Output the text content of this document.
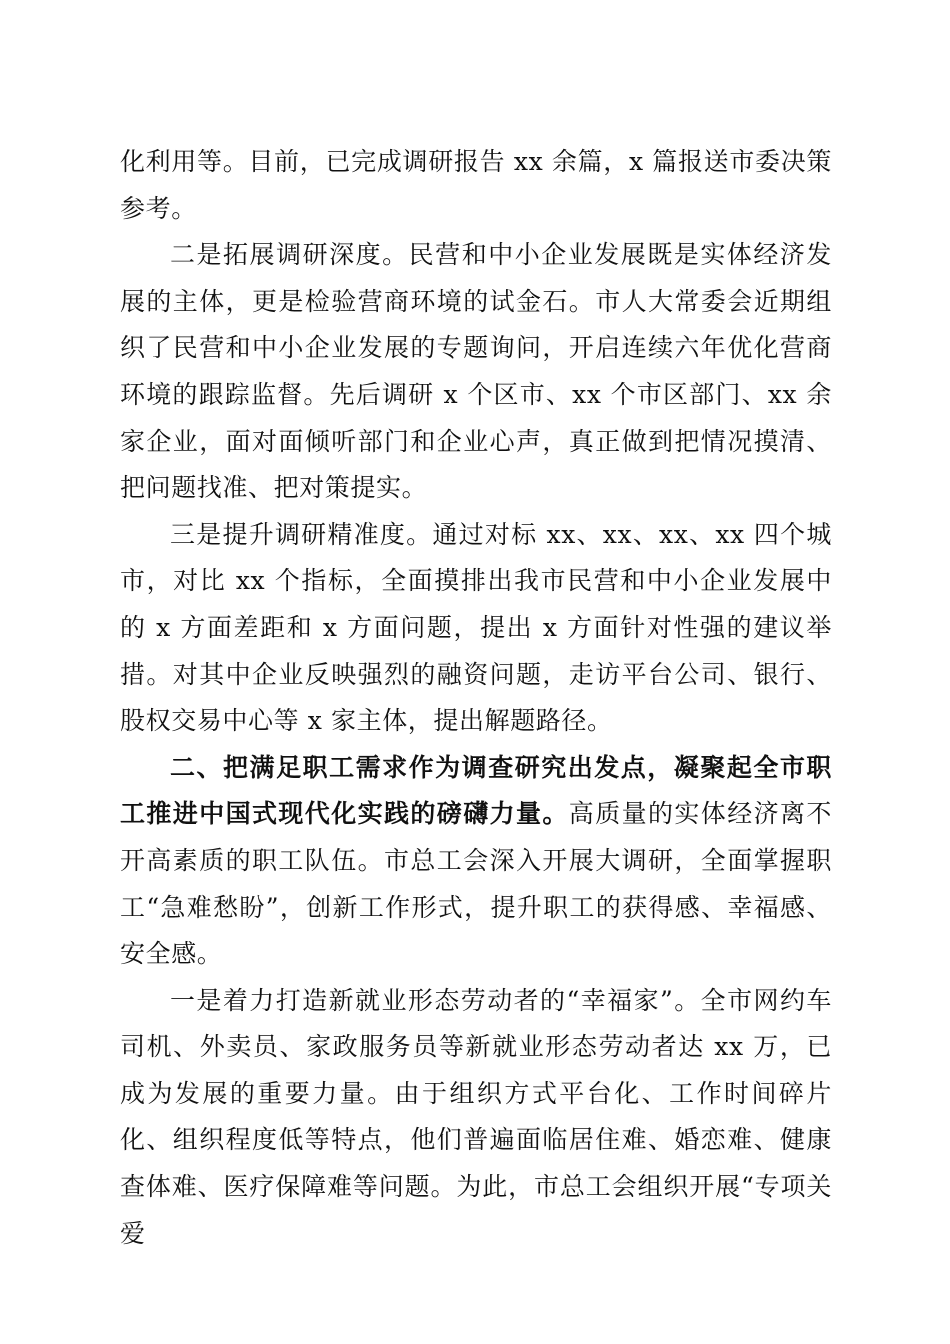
化利用等。目前，已完成调研报告 xx 余篇，x 篇报送市委决策参考。

二是拓展调研深度。民营和中小企业发展既是实体经济发展的主体，更是检验营商环境的试金石。市人大常委会近期组织了民营和中小企业发展的专题询问，开启连续六年优化营商环境的跟踪监督。先后调研 x 个区市、xx 个市区部门、xx 余家企业，面对面倾听部门和企业心声，真正做到把情况摸清、把问题找准、把对策提实。

三是提升调研精准度。通过对标 xx、xx、xx、xx 四个城市，对比 xx 个指标，全面摸排出我市民营和中小企业发展中的 x 方面差距和 x 方面问题，提出 x 方面针对性强的建议举措。对其中企业反映强烈的融资问题，走访平台公司、银行、股权交易中心等 x 家主体，提出解题路径。

二、把满足职工需求作为调查研究出发点，凝聚起全市职工推进中国式现代化实践的磅礴力量。高质量的实体经济离不开高素质的职工队伍。市总工会深入开展大调研，全面掌握职工“急难愁盼”，创新工作形式，提升职工的获得感、幸福感、安全感。

一是着力打造新就业形态劳动者的“幸福家”。全市网约车司机、外卖员、家政服务员等新就业形态劳动者达 xx 万，已成为发展的重要力量。由于组织方式平台化、工作时间碎片化、组织程度低等特点，他们普遍面临居住难、婚恋难、健康查体难、医疗保障难等问题。为此，市总工会组织开展“专项关爱
